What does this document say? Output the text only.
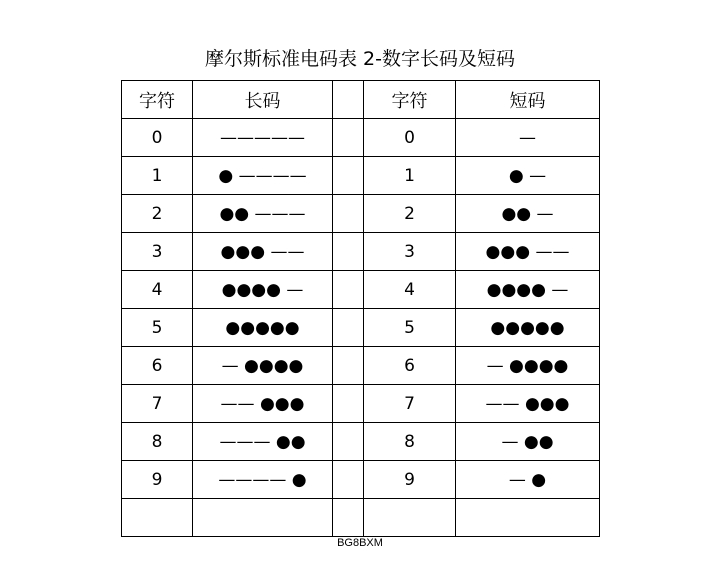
摩尔斯标准电码表 2-数字长码及短码
字符	长码		字符	短码
0	—————		0	—
1	● ————		1	● —
2	●● ———		2	●● —
3	●●● ——		3	●●● ——
4	●●●● —		4	●●●● —
5	●●●●●		5	●●●●●
6	— ●●●●		6	— ●●●●
7	—— ●●●		7	—— ●●●
8	——— ●●		8	— ●●
9	———— ●		9	— ●

BG8BXM
